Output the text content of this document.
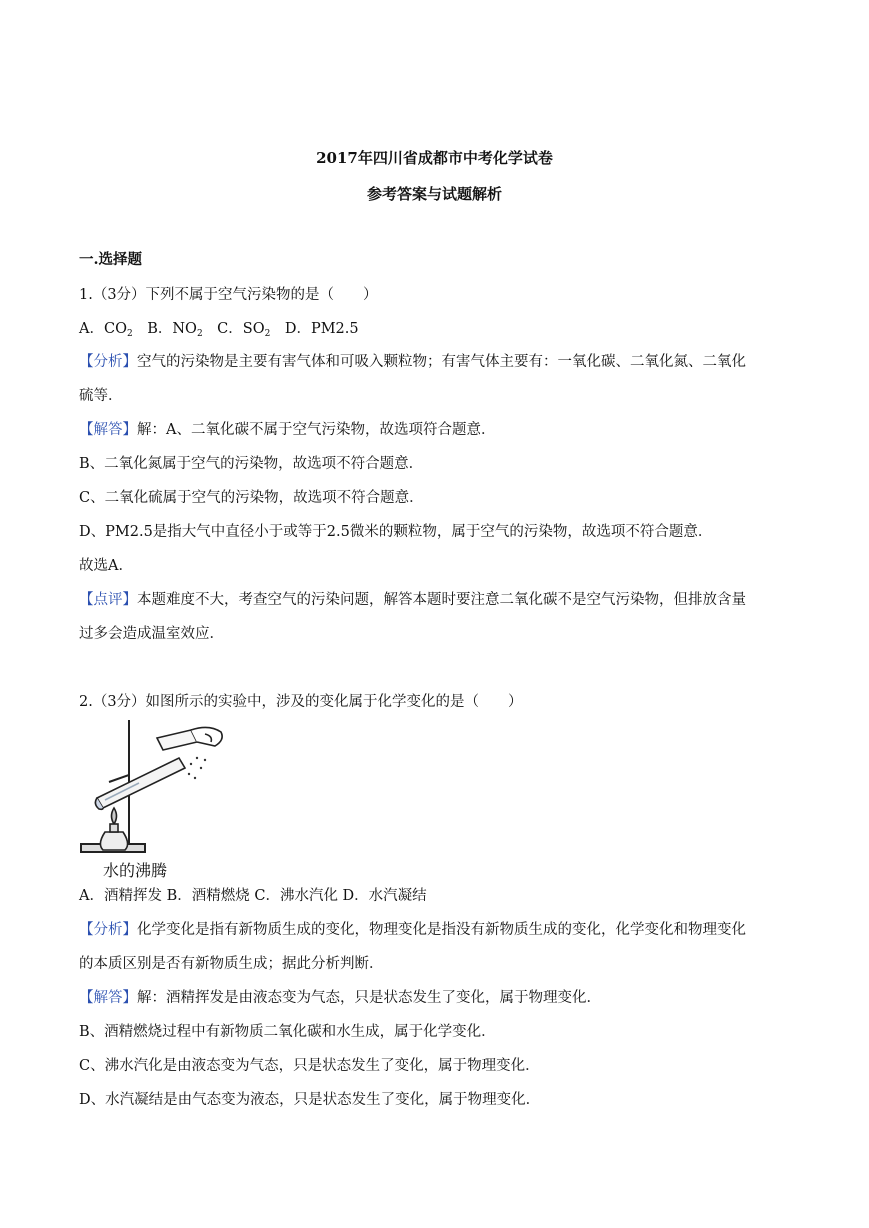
2017年四川省成都市中考化学试卷
参考答案与试题解析
一.选择题
1.（3分）下列不属于空气污染物的是（　　）
A．$CO_2$　B．$NO_2$　C．$SO_2$　D．PM2.5
【分析】空气的污染物是主要有害气体和可吸入颗粒物；有害气体主要有：一氧化碳、二氧化氮、二氧化
硫等．
【解答】解：A、二氧化碳不属于空气污染物，故选项符合题意．
B、二氧化氮属于空气的污染物，故选项不符合题意．
C、二氧化硫属于空气的污染物，故选项不符合题意．
D、PM2.5是指大气中直径小于或等于2.5微米的颗粒物，属于空气的污染物，故选项不符合题意．
故选A．
【点评】本题难度不大，考查空气的污染问题，解答本题时要注意二氧化碳不是空气污染物，但排放含量
过多会造成温室效应．
2.（3分）如图所示的实验中，涉及的变化属于化学变化的是（　　）
水的沸腾
A．酒精挥发 B．酒精燃烧 C．沸水汽化 D．水汽凝结
【分析】化学变化是指有新物质生成的变化，物理变化是指没有新物质生成的变化，化学变化和物理变化
的本质区别是否有新物质生成；据此分析判断．
【解答】解：酒精挥发是由液态变为气态，只是状态发生了变化，属于物理变化．
B、酒精燃烧过程中有新物质二氧化碳和水生成，属于化学变化．
C、沸水汽化是由液态变为气态，只是状态发生了变化，属于物理变化．
D、水汽凝结是由气态变为液态，只是状态发生了变化，属于物理变化．
